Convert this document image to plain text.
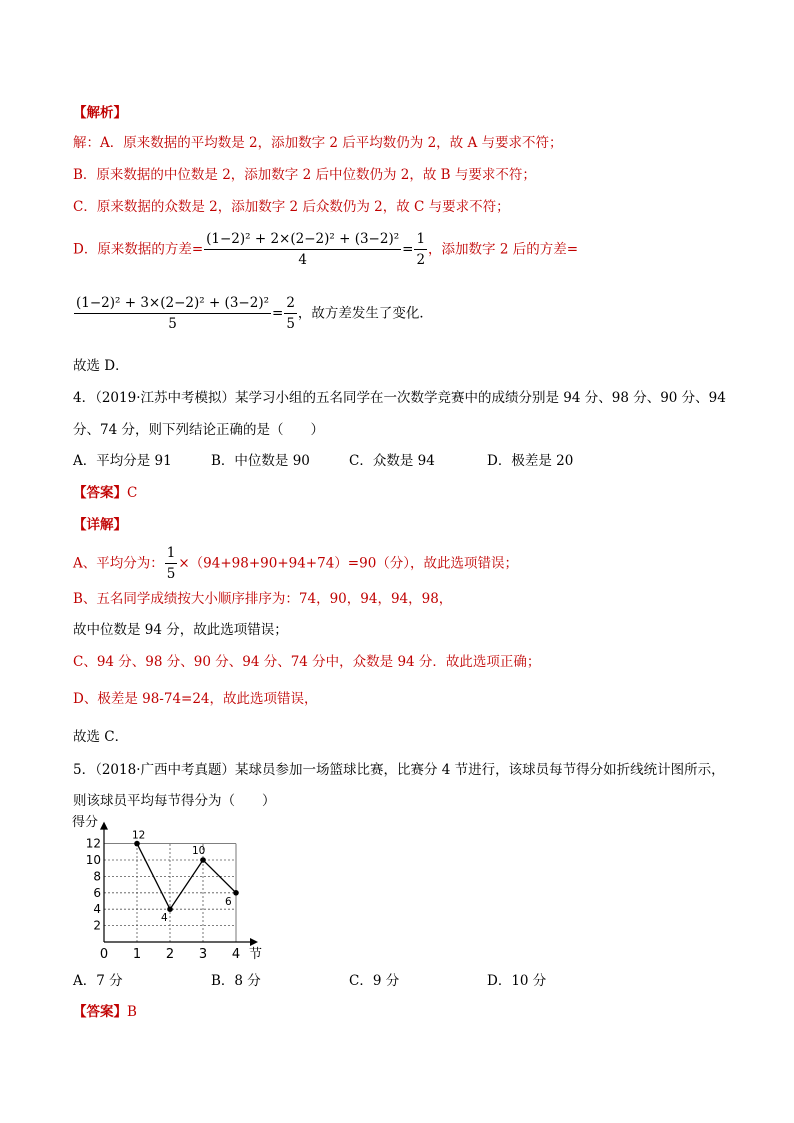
【解析】
解：A．原来数据的平均数是 2，添加数字 2 后平均数仍为 2，故 A 与要求不符；
B．原来数据的中位数是 2，添加数字 2 后中位数仍为 2，故 B 与要求不符；
C．原来数据的众数是 2，添加数字 2 后众数仍为 2，故 C 与要求不符；
D．原来数据的方差= $\frac{\text{(1−2)² + 2×(2−2)² + (3−2)²}}{4} = \frac{1}{2}$ ，添加数字 2 后的方差=
$\frac{\text{(1−2)² + 3×(2−2)² + (3−2)²}}{5} = \frac{2}{5}$ ，故方差发生了变化．
故选 D．
4．（2019·江苏中考模拟）某学习小组的五名同学在一次数学竞赛中的成绩分别是 94 分、98 分、90 分、94
分、74 分，则下列结论正确的是（　　）
A．平均分是 91	B．中位数是 90	C．众数是 94	D．极差是 20
【答案】C
【详解】
A、平均分为： $\frac{1}{5} \times(94+98+90+94+74)=90$（分），故此选项错误；
B、五名同学成绩按大小顺序排序为：74，90，94，94，98，
故中位数是 94 分，故此选项错误；
C、94 分、98 分、90 分、94 分、74 分中，众数是 94 分．故此选项正确；
D、极差是 98-74=24，故此选项错误，
故选 C．
5．（2018·广西中考真题）某球员参加一场篮球比赛，比赛分 4 节进行，该球员每节得分如折线统计图所示，
则该球员平均每节得分为（　　）
得分
节
2
4
6
8
10
12
0 1 2 3 4
12
4
10
6
A．7 分	B．8 分	C．9 分	D．10 分
【答案】B
